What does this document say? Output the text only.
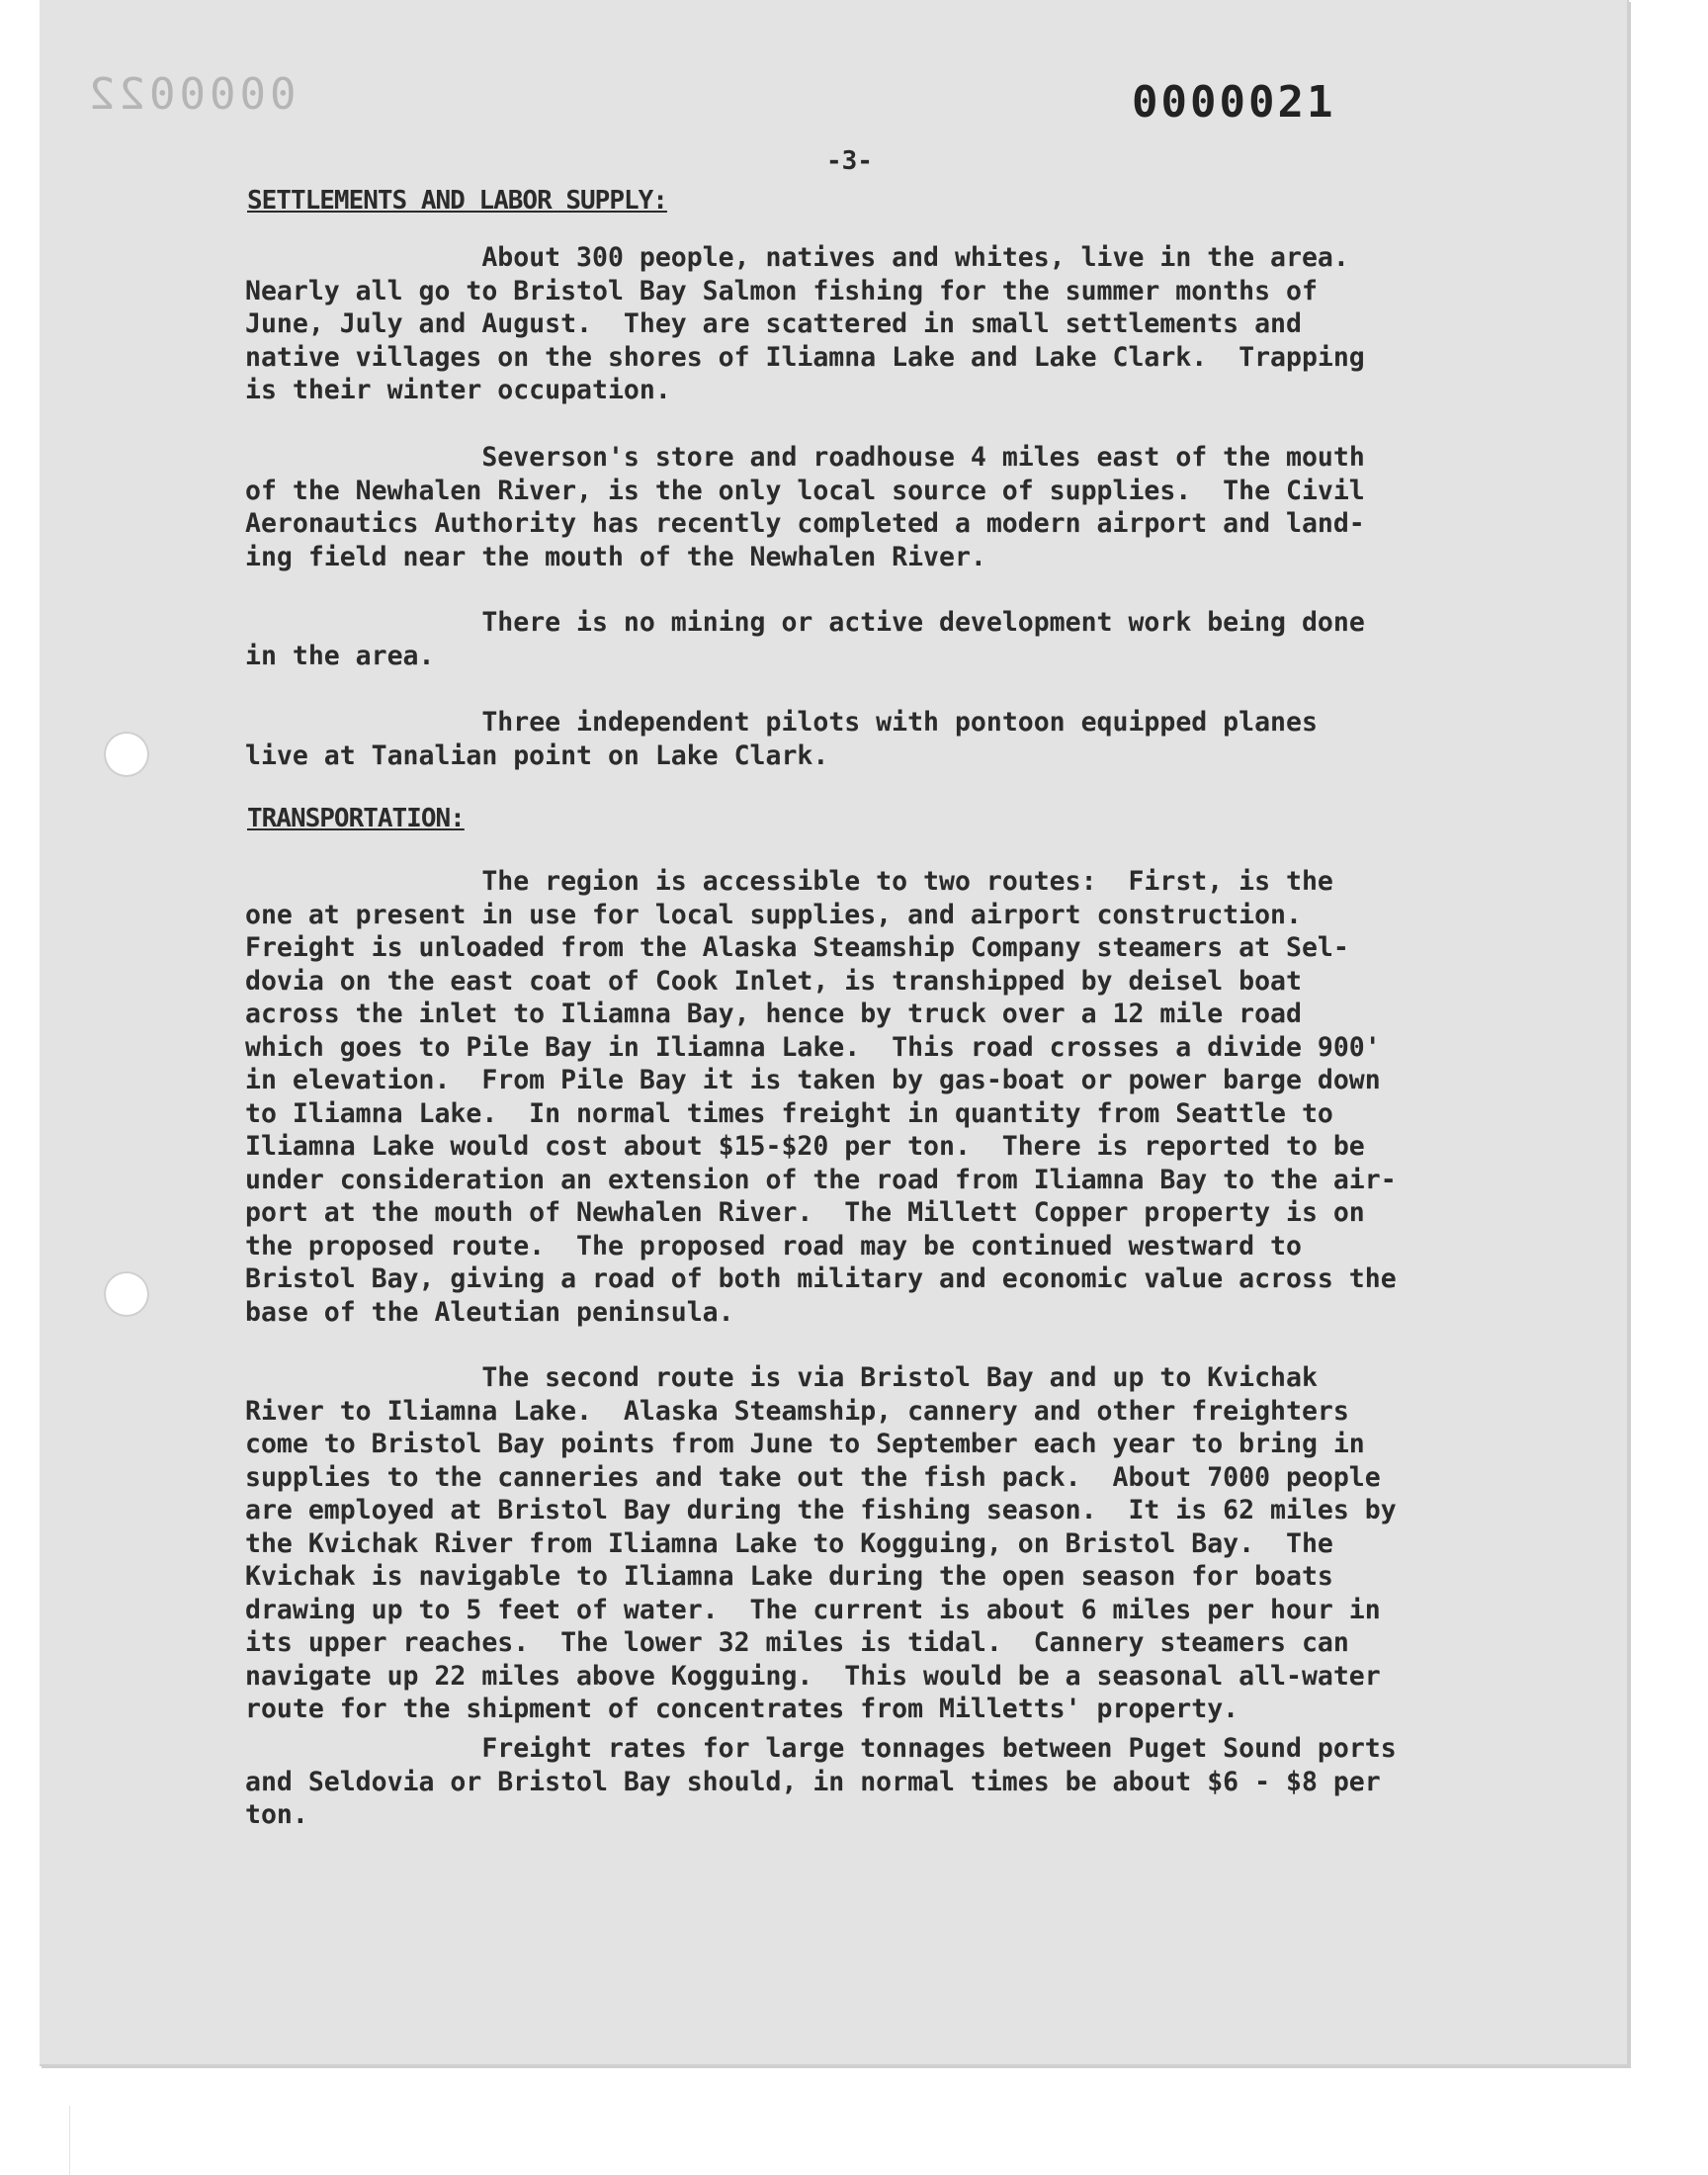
0000022	0000021
-3-
SETTLEMENTS AND LABOR SUPPLY:
About 300 people, natives and whites, live in the area.
Nearly all go to Bristol Bay Salmon fishing for the summer months of
June, July and August.  They are scattered in small settlements and
native villages on the shores of Iliamna Lake and Lake Clark.  Trapping
is their winter occupation.
Severson's store and roadhouse 4 miles east of the mouth
of the Newhalen River, is the only local source of supplies.  The Civil
Aeronautics Authority has recently completed a modern airport and land-
ing field near the mouth of the Newhalen River.
There is no mining or active development work being done
in the area.
Three independent pilots with pontoon equipped planes
live at Tanalian point on Lake Clark.
TRANSPORTATION:
The region is accessible to two routes:  First, is the
one at present in use for local supplies, and airport construction.
Freight is unloaded from the Alaska Steamship Company steamers at Sel-
dovia on the east coat of Cook Inlet, is transhipped by deisel boat
across the inlet to Iliamna Bay, hence by truck over a 12 mile road
which goes to Pile Bay in Iliamna Lake.  This road crosses a divide 900'
in elevation.  From Pile Bay it is taken by gas-boat or power barge down
to Iliamna Lake.  In normal times freight in quantity from Seattle to
Iliamna Lake would cost about $15-$20 per ton.  There is reported to be
under consideration an extension of the road from Iliamna Bay to the air-
port at the mouth of Newhalen River.  The Millett Copper property is on
the proposed route.  The proposed road may be continued westward to
Bristol Bay, giving a road of both military and economic value across the
base of the Aleutian peninsula.
The second route is via Bristol Bay and up to Kvichak
River to Iliamna Lake.  Alaska Steamship, cannery and other freighters
come to Bristol Bay points from June to September each year to bring in
supplies to the canneries and take out the fish pack.  About 7000 people
are employed at Bristol Bay during the fishing season.  It is 62 miles by
the Kvichak River from Iliamna Lake to Kogguing, on Bristol Bay.  The
Kvichak is navigable to Iliamna Lake during the open season for boats
drawing up to 5 feet of water.  The current is about 6 miles per hour in
its upper reaches.  The lower 32 miles is tidal.  Cannery steamers can
navigate up 22 miles above Kogguing.  This would be a seasonal all-water
route for the shipment of concentrates from Milletts' property.
Freight rates for large tonnages between Puget Sound ports
and Seldovia or Bristol Bay should, in normal times be about $6 - $8 per
ton.
